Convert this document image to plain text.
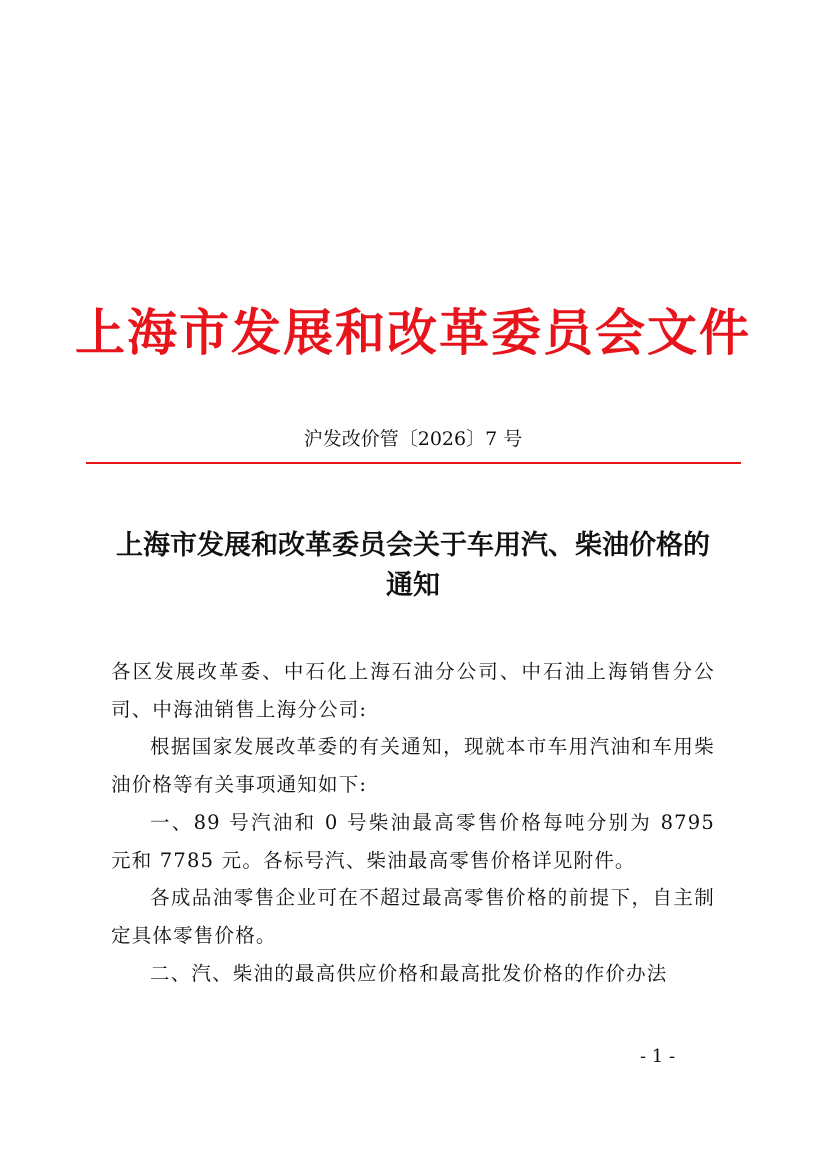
上海市发展和改革委员会文件
沪发改价管〔2026〕7 号
上海市发展和改革委员会关于车用汽、柴油价格的
通知

各区发展改革委、中石化上海石油分公司、中石油上海销售分公司、中海油销售上海分公司:

根据国家发展改革委的有关通知，现就本市车用汽油和车用柴油价格等有关事项通知如下:

一、89 号汽油和 0 号柴油最高零售价格每吨分别为 8795 元和 7785 元。各标号汽、柴油最高零售价格详见附件。

各成品油零售企业可在不超过最高零售价格的前提下，自主制定具体零售价格。

二、汽、柴油的最高供应价格和最高批发价格的作价办法

- 1 -
